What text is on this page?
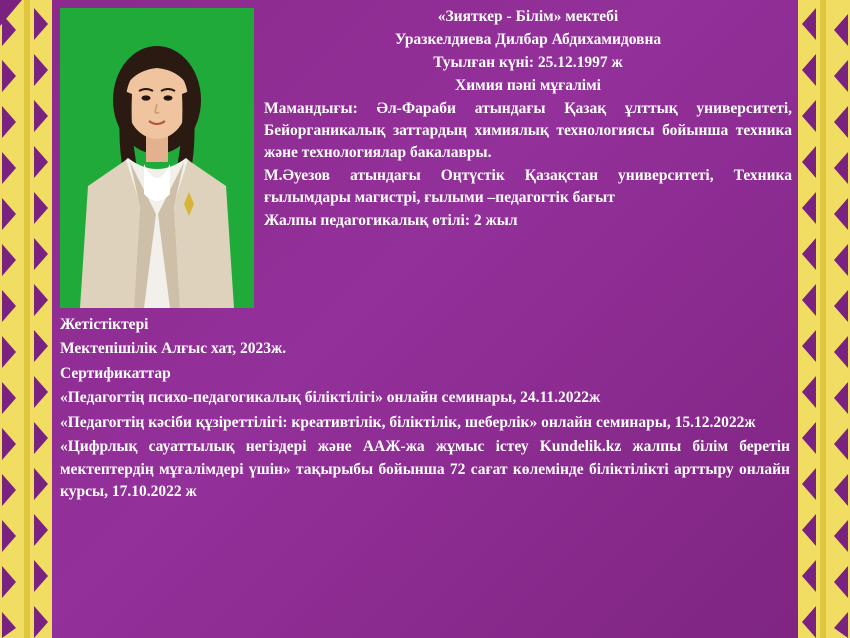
«Зияткер - Білім» мектебі

Уразкелдиева Дилбар Абдихамидовна

Туылған күні: 25.12.1997 ж

Химия пәні мұғалімі

Мамандығы: Әл-Фараби атындағы Қазақ ұлттық университеті, Бейорганикалық заттардың химиялық технологиясы бойынша техника және технологиялар бакалавры.

М.Әуезов атындағы Оңтүстік Қазақстан университеті, Техника ғылымдары магистрі, ғылыми –педагогтік бағыт

Жалпы педагогикалық өтілі: 2 жыл

Жетістіктері

Мектепішілік Алғыс хат, 2023ж.

Сертификаттар

«Педагогтің психо-педагогикалық біліктілігі» онлайн семинары, 24.11.2022ж

«Педагогтің кәсіби құзіреттілігі: креативтілік, біліктілік, шеберлік» онлайн семинары, 15.12.2022ж

«Цифрлық сауаттылық негіздері және ААЖ-жа жұмыс істеу Kundelik.kz жалпы білім беретін мектептердің мұғалімдері үшін» тақырыбы бойынша 72 сағат көлемінде біліктілікті арттыру онлайн курсы, 17.10.2022 ж
